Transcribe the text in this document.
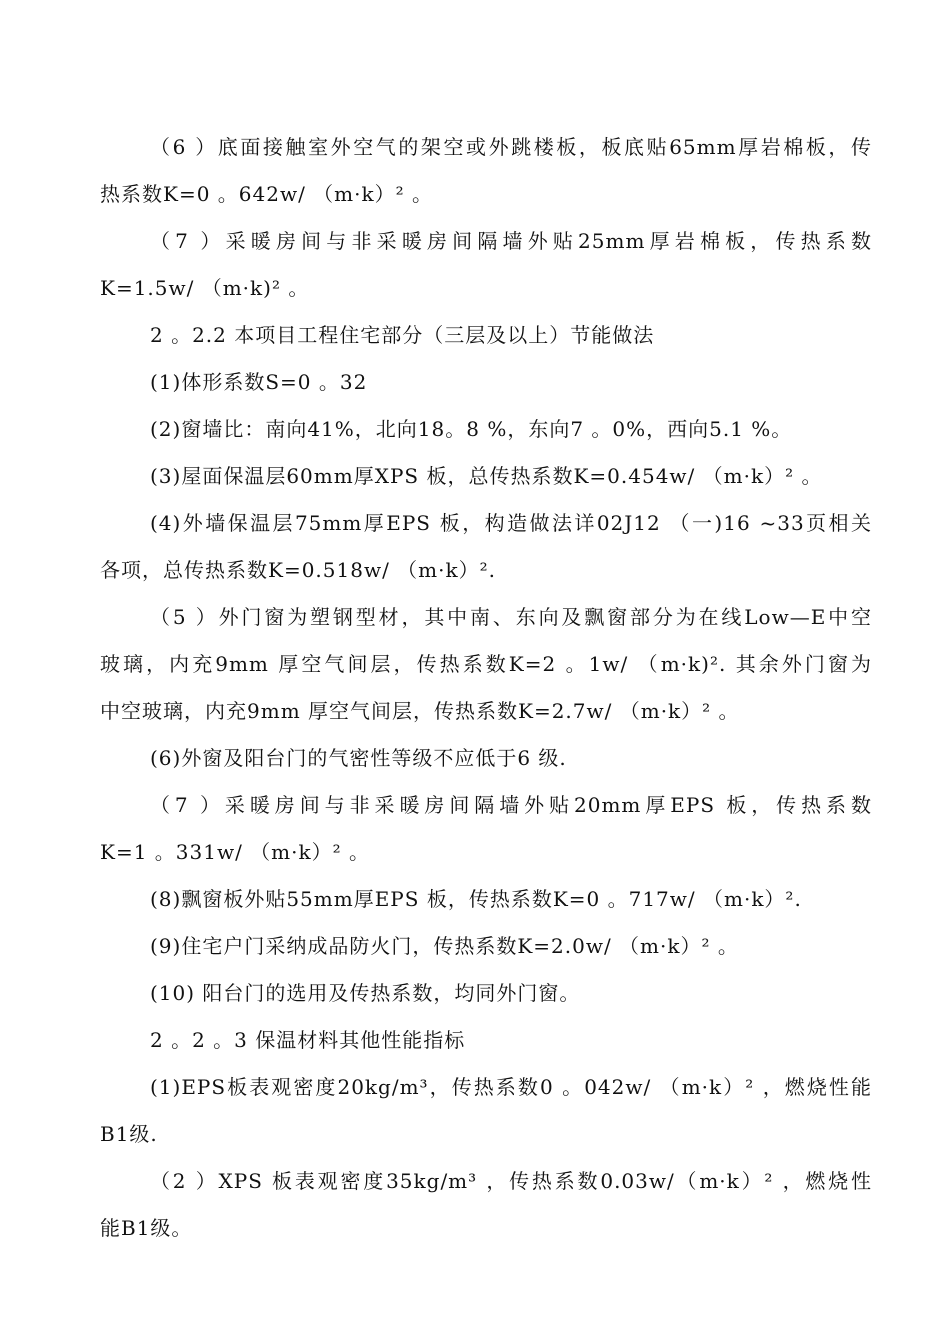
（6 ）底面接触室外空气的架空或外跳楼板，板底贴65mm厚岩棉板，传
热系数K=0 。642w/ （m·k）² 。
（7 ）采暖房间与非采暖房间隔墙外贴25mm厚岩棉板，传热系数
K=1.5w/ （m·k)² 。
2 。2.2 本项目工程住宅部分（三层及以上）节能做法
(1)体形系数S=0 。32
(2)窗墙比：南向41%，北向18。8 %，东向7 。0%，西向5.1 %。
(3)屋面保温层60mm厚XPS 板，总传热系数K=0.454w/ （m·k）² 。
(4)外墙保温层75mm厚EPS 板，构造做法详02J12 （一)16 ~33页相关
各项，总传热系数K=0.518w/ （m·k）².
（5 ）外门窗为塑钢型材，其中南、东向及飘窗部分为在线Low—E中空
玻璃，内充9mm 厚空气间层，传热系数K=2 。1w/ （m·k)². 其余外门窗为
中空玻璃，内充9mm 厚空气间层，传热系数K=2.7w/ （m·k）² 。
(6)外窗及阳台门的气密性等级不应低于6 级.
（7 ）采暖房间与非采暖房间隔墙外贴20mm厚EPS 板，传热系数
K=1 。331w/ （m·k）² 。
(8)飘窗板外贴55mm厚EPS 板，传热系数K=0 。717w/ （m·k）².
(9)住宅户门采纳成品防火门，传热系数K=2.0w/ （m·k）² 。
(10) 阳台门的选用及传热系数，均同外门窗。
2 。2 。3 保温材料其他性能指标
(1)EPS板表观密度20kg/m³，传热系数0 。042w/ （m·k）² ，燃烧性能
B1级.
（2 ）XPS 板表观密度35kg/m³ ，传热系数0.03w/（m·k）² ，燃烧性
能B1级。
